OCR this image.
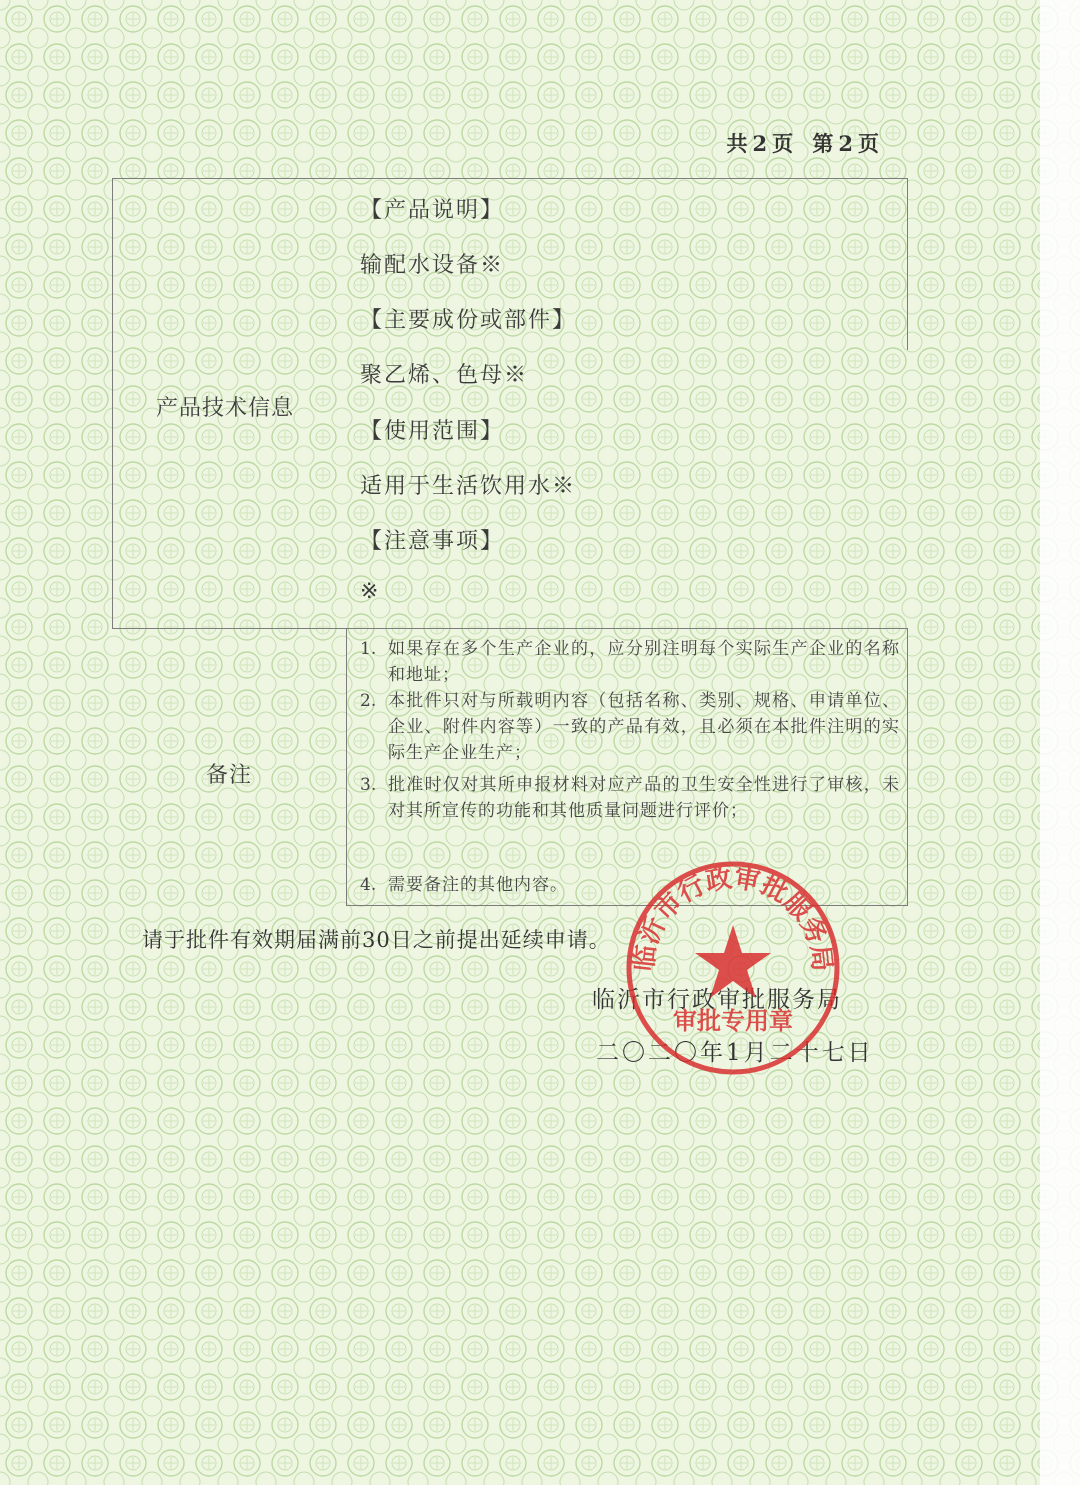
共 2 页 第 2 页
产品技术信息
【产品说明】
输配水设备※
【主要成份或部件】
聚乙烯、色母※
【使用范围】
适用于生活饮用水※
【注意事项】
※
备注
1. 如果存在多个生产企业的，应分别注明每个实际生产企业的名称和地址；
2. 本批件只对与所载明内容（包括名称、类别、规格、申请单位、企业、附件内容等）一致的产品有效，且必须在本批件注明的实际生产企业生产；
3. 批准时仅对其所申报材料对应产品的卫生安全性进行了审核，未对其所宣传的功能和其他质量问题进行评价；
4. 需要备注的其他内容。
请于批件有效期届满前30日之前提出延续申请。
临沂市行政审批服务局
二〇二〇年1月二十七日
临沂市行政审批服务局
审批专用章
